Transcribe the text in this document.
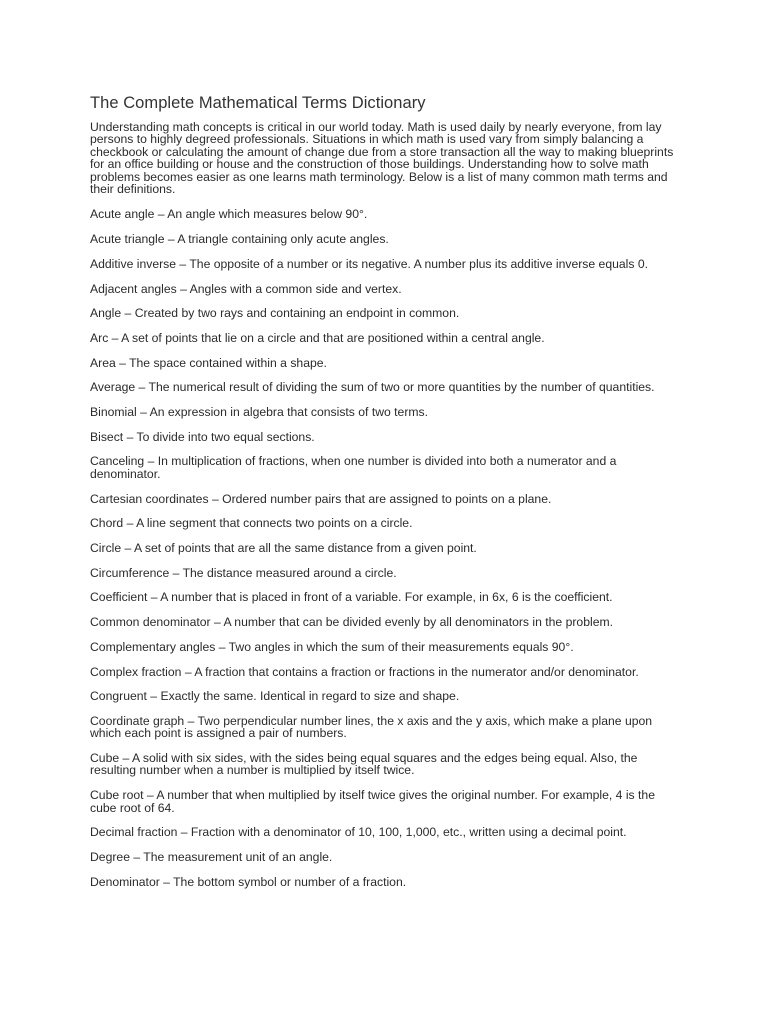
The Complete Mathematical Terms Dictionary

Understanding math concepts is critical in our world today. Math is used daily by nearly everyone, from lay persons to highly degreed professionals. Situations in which math is used vary from simply balancing a checkbook or calculating the amount of change due from a store transaction all the way to making blueprints for an office building or house and the construction of those buildings. Understanding how to solve math problems becomes easier as one learns math terminology. Below is a list of many common math terms and their definitions.

Acute angle – An angle which measures below 90°.
Acute triangle – A triangle containing only acute angles.
Additive inverse – The opposite of a number or its negative. A number plus its additive inverse equals 0.
Adjacent angles – Angles with a common side and vertex.
Angle – Created by two rays and containing an endpoint in common.
Arc – A set of points that lie on a circle and that are positioned within a central angle.
Area – The space contained within a shape.
Average – The numerical result of dividing the sum of two or more quantities by the number of quantities.
Binomial – An expression in algebra that consists of two terms.
Bisect – To divide into two equal sections.
Canceling – In multiplication of fractions, when one number is divided into both a numerator and a denominator.
Cartesian coordinates – Ordered number pairs that are assigned to points on a plane.
Chord – A line segment that connects two points on a circle.
Circle – A set of points that are all the same distance from a given point.
Circumference – The distance measured around a circle.
Coefficient – A number that is placed in front of a variable. For example, in 6x, 6 is the coefficient.
Common denominator – A number that can be divided evenly by all denominators in the problem.
Complementary angles – Two angles in which the sum of their measurements equals 90°.
Complex fraction – A fraction that contains a fraction or fractions in the numerator and/or denominator.
Congruent – Exactly the same. Identical in regard to size and shape.
Coordinate graph – Two perpendicular number lines, the x axis and the y axis, which make a plane upon which each point is assigned a pair of numbers.
Cube – A solid with six sides, with the sides being equal squares and the edges being equal. Also, the resulting number when a number is multiplied by itself twice.
Cube root – A number that when multiplied by itself twice gives the original number. For example, 4 is the cube root of 64.
Decimal fraction – Fraction with a denominator of 10, 100, 1,000, etc., written using a decimal point.
Degree – The measurement unit of an angle.
Denominator – The bottom symbol or number of a fraction.
